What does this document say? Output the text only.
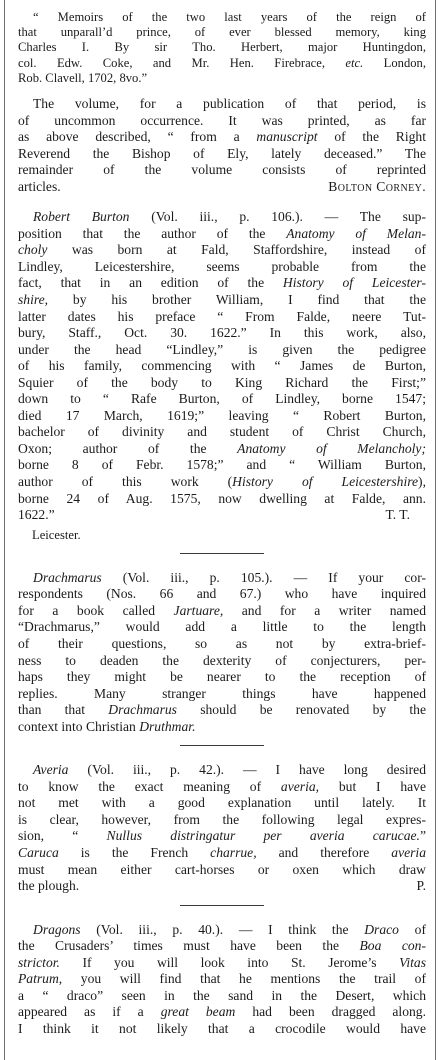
“ Memoirs of the two last years of the reign of
that unparall’d prince, of ever blessed memory, king
Charles I. By sir Tho. Herbert, major Huntingdon,
col. Edw. Coke, and Mr. Hen. Firebrace, etc. London,
Rob. Clavell, 1702, 8vo.”
The volume, for a publication of that period, is
of uncommon occurrence. It was printed, as far
as above described, “ from a manuscript of the Right
Reverend the Bishop of Ely, lately deceased.” The
remainder of the volume consists of reprinted
articles.	Bolton Corney.
Robert Burton (Vol. iii., p. 106.). — The sup-
position that the author of the Anatomy of Melan-
choly was born at Fald, Staffordshire, instead of
Lindley, Leicestershire, seems probable from the
fact, that in an edition of the History of Leicester-
shire, by his brother William, I find that the
latter dates his preface “ From Falde, neere Tut-
bury, Staff., Oct. 30. 1622.” In this work, also,
under the head “Lindley,” is given the pedigree
of his family, commencing with “ James de Burton,
Squier of the body to King Richard the First;”
down to “ Rafe Burton, of Lindley, borne 1547;
died 17 March, 1619;” leaving “ Robert Burton,
bachelor of divinity and student of Christ Church,
Oxon; author of the Anatomy of Melancholy;
borne 8 of Febr. 1578;” and “ William Burton,
author of this work (History of Leicestershire),
borne 24 of Aug. 1575, now dwelling at Falde, ann.
1622.”	T. T.
Leicester.
Drachmarus (Vol. iii., p. 105.). — If your cor-
respondents (Nos. 66 and 67.) who have inquired
for a book called Jartuare, and for a writer named
“Drachmarus,” would add a little to the length
of their questions, so as not by extra-brief-
ness to deaden the dexterity of conjecturers, per-
haps they might be nearer to the reception of
replies. Many stranger things have happened
than that Drachmarus should be renovated by the
context into Christian Druthmar.
Averia (Vol. iii., p. 42.). — I have long desired
to know the exact meaning of averia, but I have
not met with a good explanation until lately. It
is clear, however, from the following legal expres-
sion, “ Nullus distringatur per averia carucae.”
Caruca is the French charrue, and therefore averia
must mean either cart-horses or oxen which draw
the plough.	P.
Dragons (Vol. iii., p. 40.). — I think the Draco of
the Crusaders’ times must have been the Boa con-
strictor. If you will look into St. Jerome’s Vitas
Patrum, you will find that he mentions the trail of
a “ draco” seen in the sand in the Desert, which
appeared as if a great beam had been dragged along.
I think it not likely that a crocodile would have
